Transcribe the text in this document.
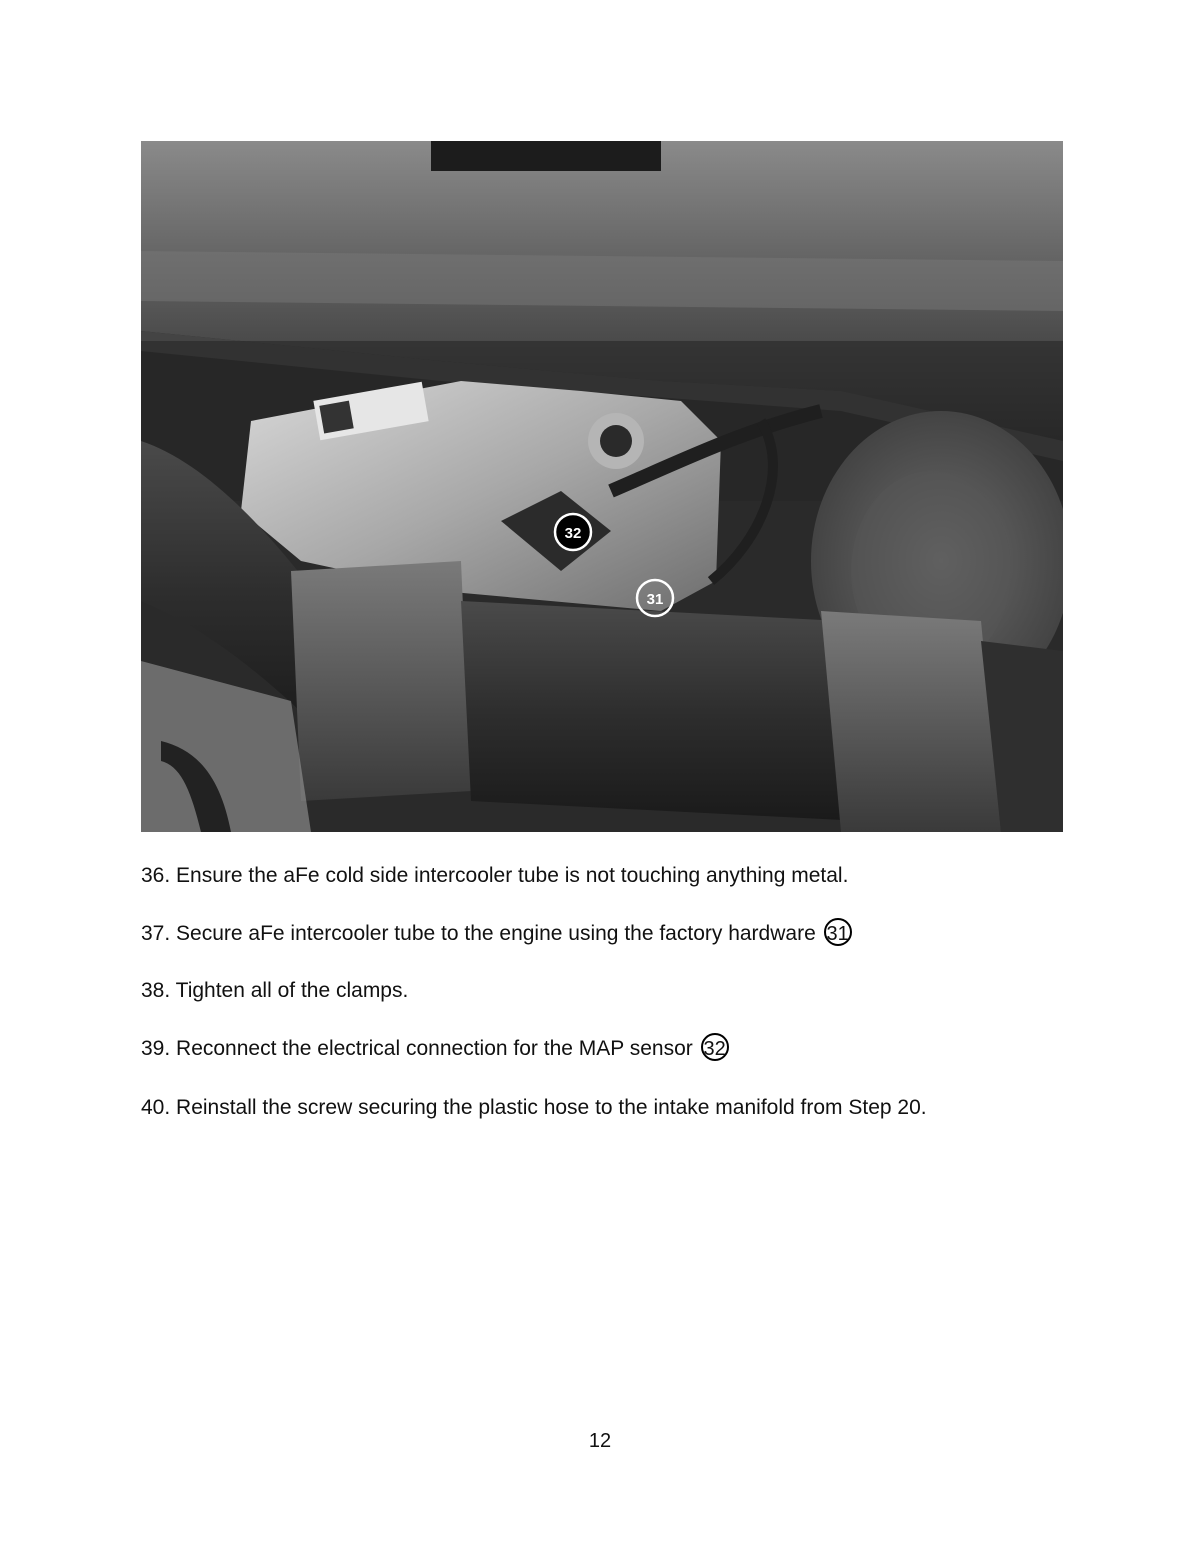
32
31
36. Ensure the aFe cold side intercooler tube is not touching anything metal.
37. Secure aFe intercooler tube to the engine using the factory hardware 31
38. Tighten all of the clamps.
39. Reconnect the electrical connection for the MAP sensor 32
40. Reinstall the screw securing the plastic hose to the intake manifold from Step 20.
12
